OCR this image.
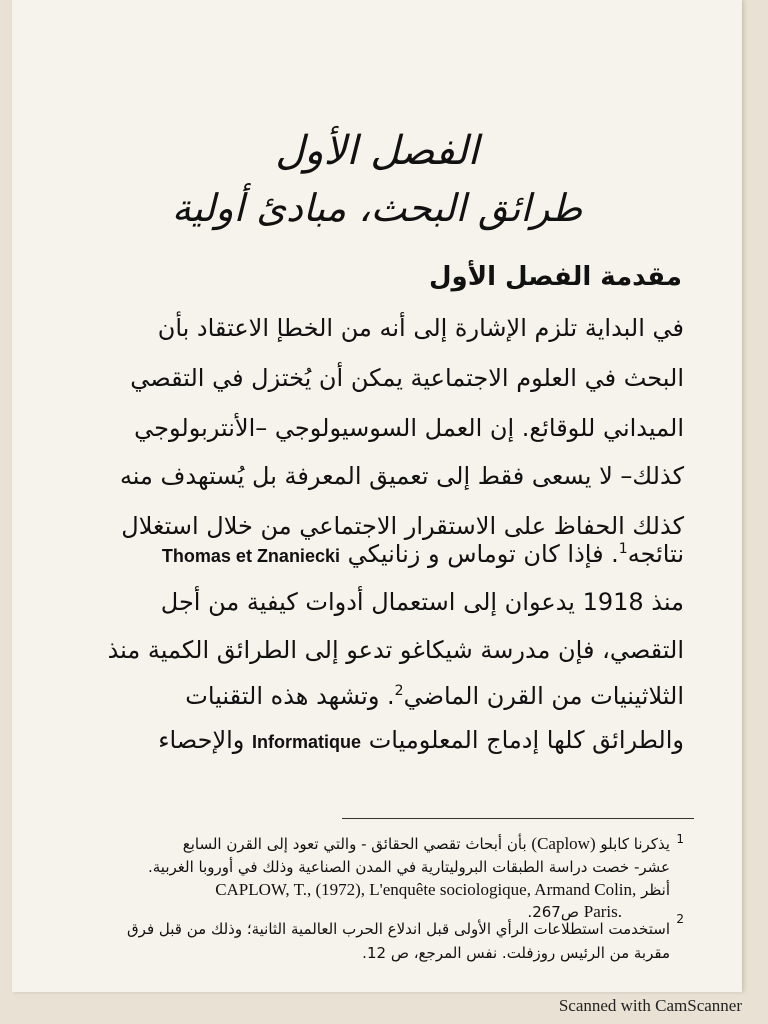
الفصل الأول
طرائق البحث، مبادئ أولية
مقدمة الفصل الأول
في البداية تلزم الإشارة إلى أنه من الخطإ الاعتقاد بأن
البحث في العلوم الاجتماعية يمكن أن يُختزل في التقصي
الميداني للوقائع. إن العمل السوسيولوجي –الأنتربولوجي
كذلك– لا يسعى فقط إلى تعميق المعرفة بل يُستهدف منه
كذلك الحفاظ على الاستقرار الاجتماعي من خلال استغلال
نتائجه$^1$. فإذا كان توماس و زنانيكي Thomas et Znaniecki
منذ 1918 يدعوان إلى استعمال أدوات كيفية من أجل
التقصي، فإن مدرسة شيكاغو تدعو إلى الطرائق الكمية منذ
الثلاثينيات من القرن الماضي$^2$. وتشهد هذه التقنيات
والطرائق كلها إدماج المعلوميات Informatique والإحصاء
1
يذكرنا كابلو (Caplow) بأن أبحاث تقصي الحقائق - والتي تعود إلى القرن السابع
عشر- خصت دراسة الطبقات البروليتارية في المدن الصناعية وذلك في أوروبا الغربية.
أنظر CAPLOW, T., (1972), L'enquête sociologique, Armand Colin,
Paris. ص267.	2
استخدمت استطلاعات الرأي الأولى قبل اندلاع الحرب العالمية الثانية؛ وذلك من قبل فرق
مقربة من الرئيس روزفلت. نفس المرجع، ص 12.
Scanned with CamScanner
